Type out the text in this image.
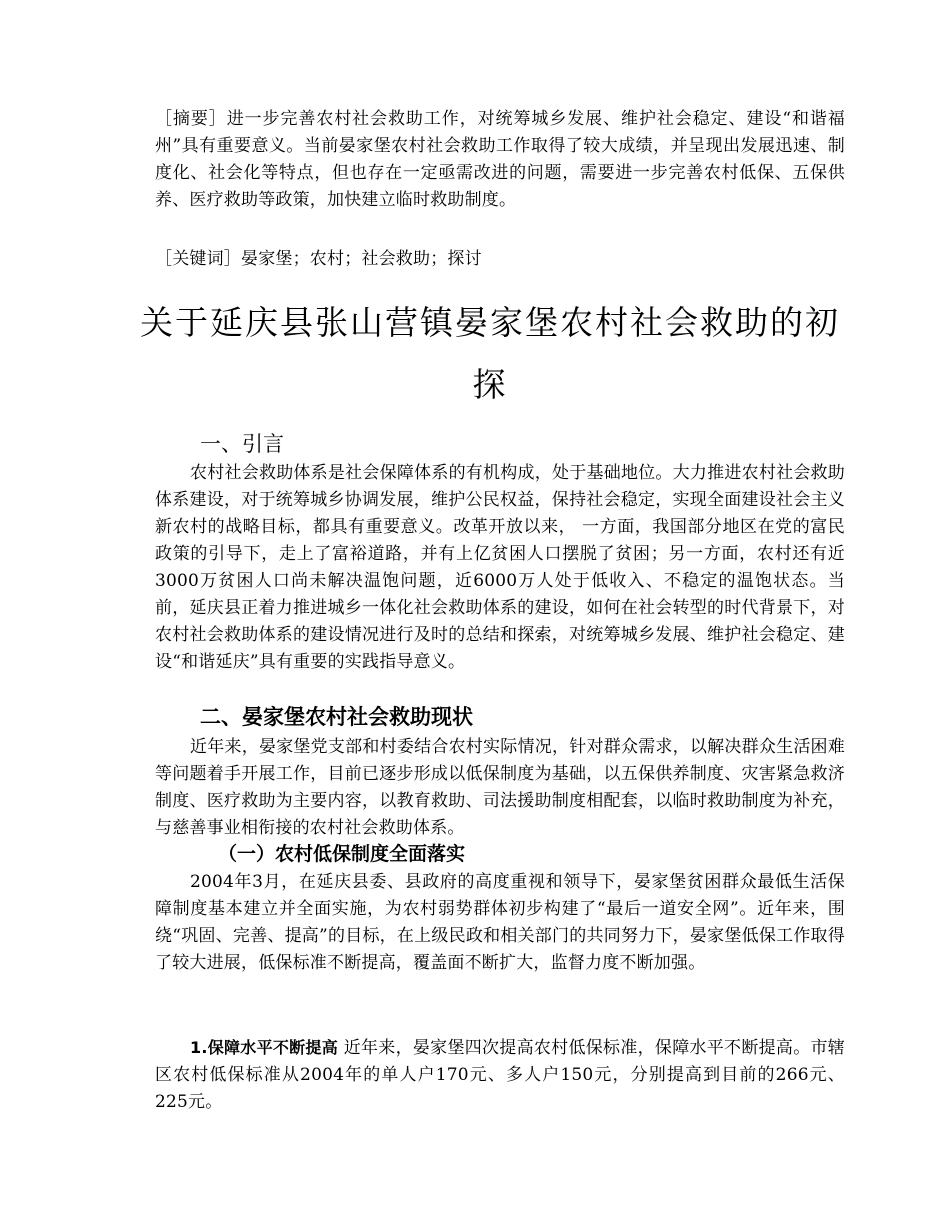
［摘要］进一步完善农村社会救助工作，对统筹城乡发展、维护社会稳定、建设“和谐福州”具有重要意义。当前晏家堡农村社会救助工作取得了较大成绩，并呈现出发展迅速、制度化、社会化等特点，但也存在一定亟需改进的问题，需要进一步完善农村低保、五保供养、医疗救助等政策，加快建立临时救助制度。
［关键词］晏家堡；农村；社会救助；探讨
关于延庆县张山营镇晏家堡农村社会救助的初探
一、引言
农村社会救助体系是社会保障体系的有机构成，处于基础地位。大力推进农村社会救助体系建设，对于统筹城乡协调发展，维护公民权益，保持社会稳定，实现全面建设社会主义新农村的战略目标，都具有重要意义。改革开放以来， 一方面，我国部分地区在党的富民政策的引导下，走上了富裕道路，并有上亿贫困人口摆脱了贫困；另一方面，农村还有近3000万贫困人口尚未解决温饱问题，近6000万人处于低收入、不稳定的温饱状态。当前，延庆县正着力推进城乡一体化社会救助体系的建设，如何在社会转型的时代背景下，对农村社会救助体系的建设情况进行及时的总结和探索，对统筹城乡发展、维护社会稳定、建设“和谐延庆”具有重要的实践指导意义。
二、晏家堡农村社会救助现状
近年来，晏家堡党支部和村委结合农村实际情况，针对群众需求，以解决群众生活困难等问题着手开展工作，目前已逐步形成以低保制度为基础，以五保供养制度、灾害紧急救济制度、医疗救助为主要内容，以教育救助、司法援助制度相配套，以临时救助制度为补充，与慈善事业相衔接的农村社会救助体系。
（一）农村低保制度全面落实
2004年3月，在延庆县委、县政府的高度重视和领导下，晏家堡贫困群众最低生活保障制度基本建立并全面实施，为农村弱势群体初步构建了“最后一道安全网”。近年来，围绕“巩固、完善、提高”的目标，在上级民政和相关部门的共同努力下，晏家堡低保工作取得了较大进展，低保标准不断提高，覆盖面不断扩大，监督力度不断加强。
1.保障水平不断提高 近年来，晏家堡四次提高农村低保标准，保障水平不断提高。市辖区农村低保标准从2004年的单人户170元、多人户150元，分别提高到目前的266元、225元。
